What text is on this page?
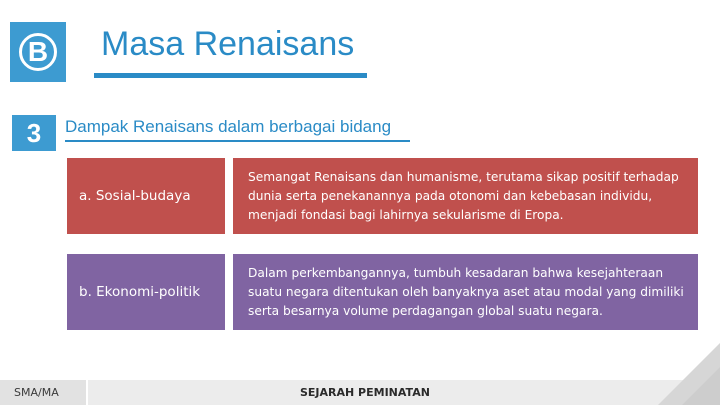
B Masa Renaisans
3	Dampak Renaisans dalam berbagai bidang
a. Sosial-budaya
Semangat Renaisans dan humanisme, terutama sikap positif terhadap dunia serta penekanannya pada otonomi dan kebebasan individu, menjadi fondasi bagi lahirnya sekularisme di Eropa.
b. Ekonomi-politik
Dalam perkembangannya, tumbuh kesadaran bahwa kesejahteraan suatu negara ditentukan oleh banyaknya aset atau modal yang dimiliki serta besarnya volume perdagangan global suatu negara.
SMA/MA	SEJARAH PEMINATAN
